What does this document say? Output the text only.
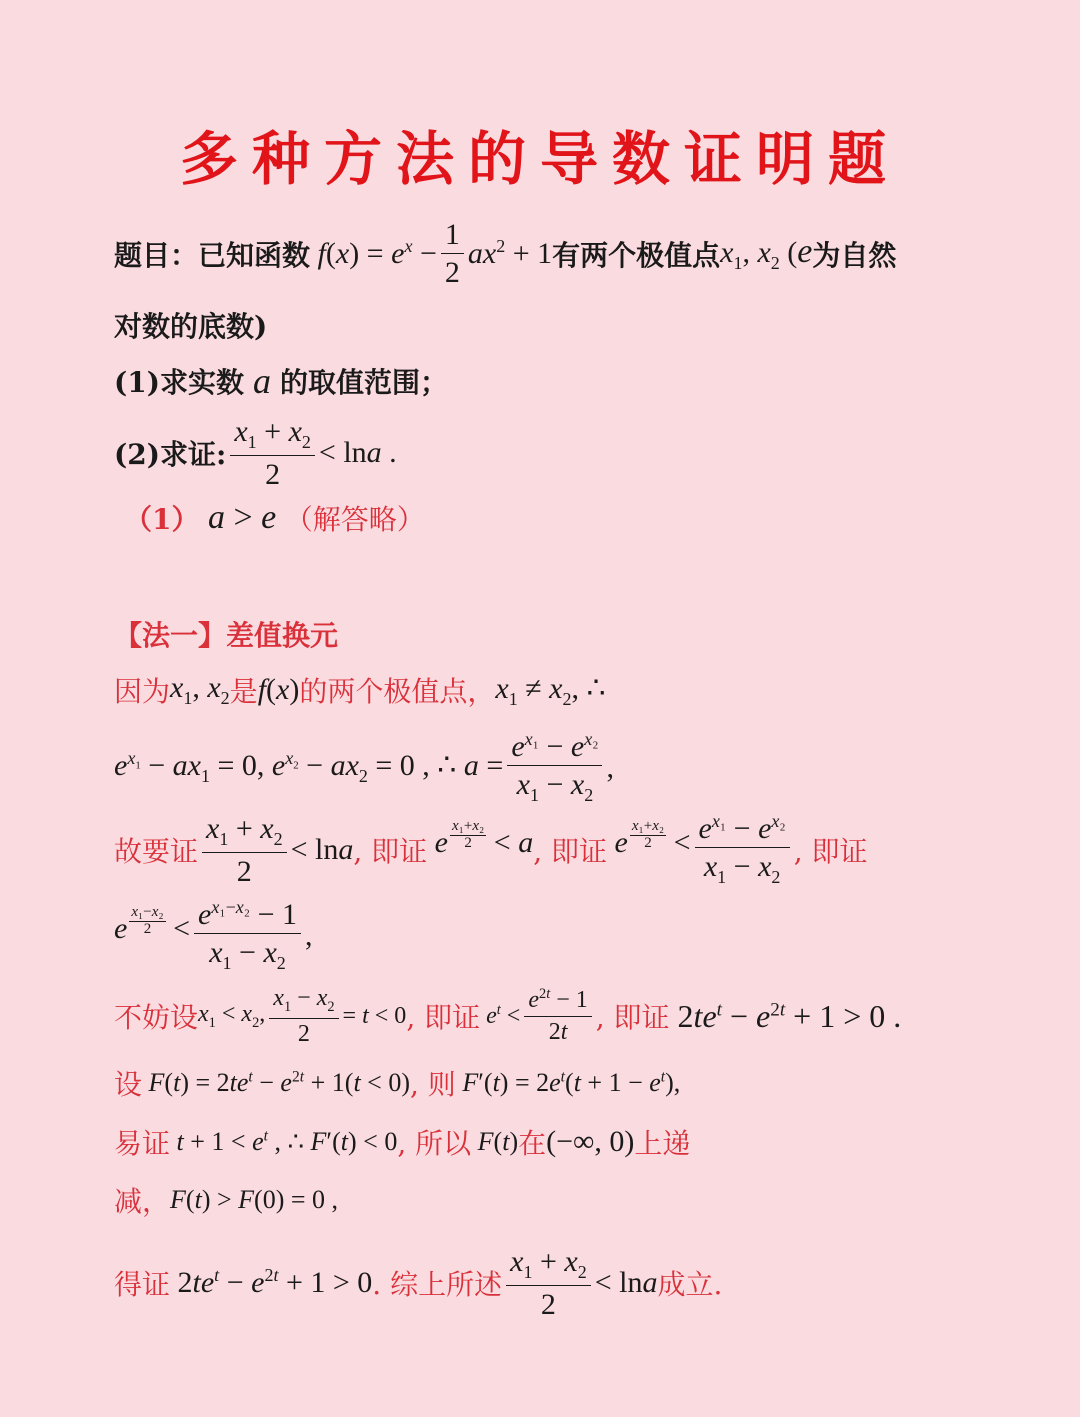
多种方法的导数证明题
题目：已知函数 $f(x) = e^x - \frac{1}{2} ax^2 + 1$ 有两个极值点 $x_1$, $x_2$ (e 为自然
对数的底数)
(1)求实数 a 的取值范围；
(2)求证: $\frac{x_1 + x_2}{2} < \ln a$ .
（1） a > e （解答略）
【法一】差值换元
因为 $x_1$, $x_2$ 是 f(x) 的两个极值点， $x_1 \ne x_2$, ∴
$e^{x_1} - ax_1 = 0$, $e^{x_2} - ax_2 = 0$ , ∴ $a = \frac{e^{x_1} - e^{x_2}}{x_1 - x_2}$ ,
故要证 $\frac{x_1 + x_2}{2} < \ln a$ , 即证 e $\frac{\text{x₁+x₂}}{2} < a$ , 即证 e $\frac{\text{x₁+x₂}}{2} < \frac{e^{x_1} - e^{x_2}}{x_1 - x_2}$ , 即证
e $\frac{\text{x₁−x₂}}{2} < \frac{e^{x_1-x_2} - 1}{x_1 - x_2}$ ,
不妨设 $x_1 < x_2$, $\frac{x_1 - x_2}{2} = t < 0$ , 即证 $e^t < \frac{e^{2t} - 1}{2t}$ , 即证 $2te^t - e^{2t} + 1 > 0$ .
设 $F(t) = 2te^t - e^{2t} + 1(t < 0)$ , 则 $F'(t) = 2e^t(t + 1 - e^t)$,
易证 $t + 1 < e^t$ , ∴ F′(t) < 0 , 所以 F(t) 在 (−∞, 0) 上递
减， F(t) > F(0) = 0 ,
得证 $2te^t - e^{2t} + 1 > 0$ . 综上所述 $\frac{x_1 + x_2}{2} < \ln a$ 成立.
